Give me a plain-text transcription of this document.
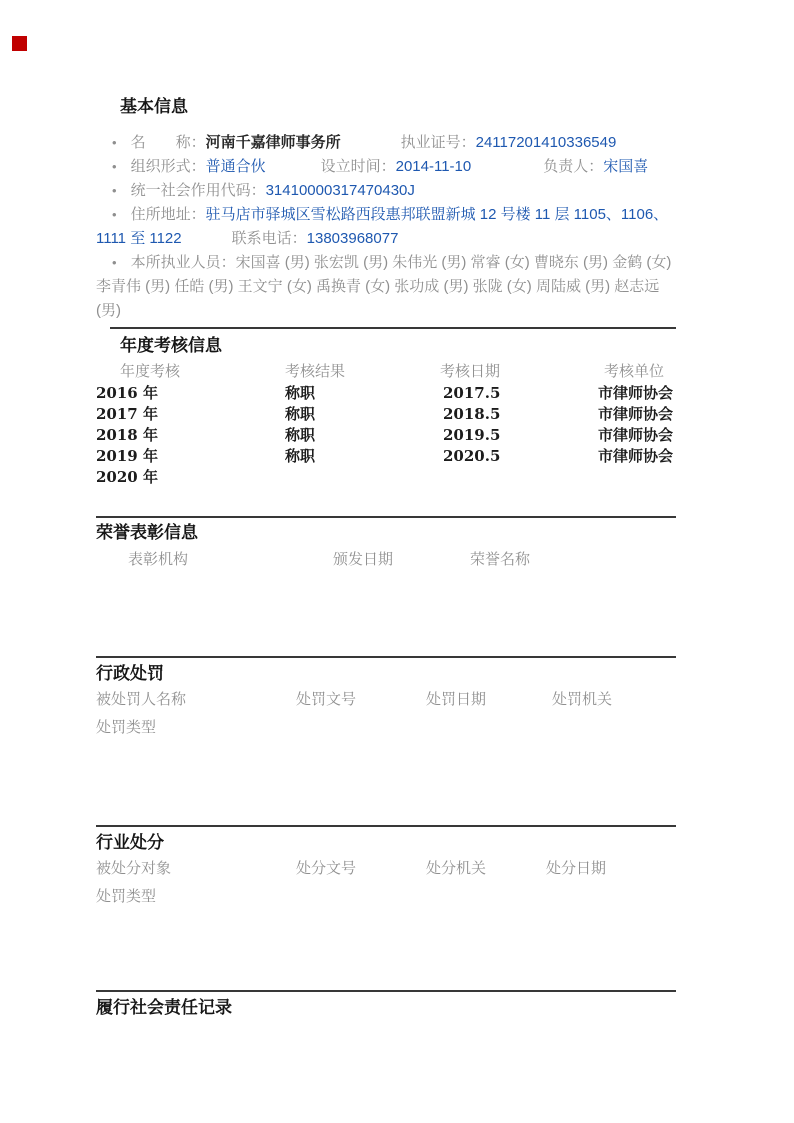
基本信息
• 名　　称：河南千嘉律师事务所	执业证号：24117201410336549
• 组织形式：普通合伙	设立时间：2014-11-10	负责人：宋国喜
• 统一社会作用代码：31410000317470430J
• 住所地址：驻马店市驿城区雪松路西段惠邦联盟新城 12 号楼 11 层 1105、1106、1111 至 1122	联系电话：13803968077
• 本所执业人员：宋国喜 (男) 张宏凯 (男) 朱伟光 (男) 常睿 (女) 曹晓东 (男) 金鹤 (女) 李青伟 (男) 任皓 (男) 王文宁 (女) 禹换青 (女) 张功成 (男) 张陇 (女) 周陆威 (男) 赵志远 (男)
年度考核信息
年度考核	考核结果	考核日期	考核单位
2016 年	称职	2017.5	市律师协会
2017 年	称职	2018.5	市律师协会
2018 年	称职	2019.5	市律师协会
2019 年	称职	2020.5	市律师协会
2020 年
荣誉表彰信息
表彰机构	颁发日期	荣誉名称
行政处罚
被处罚人名称	处罚文号	处罚日期	处罚机关
处罚类型
行业处分
被处分对象	处分文号	处分机关	处分日期
处罚类型
履行社会责任记录
